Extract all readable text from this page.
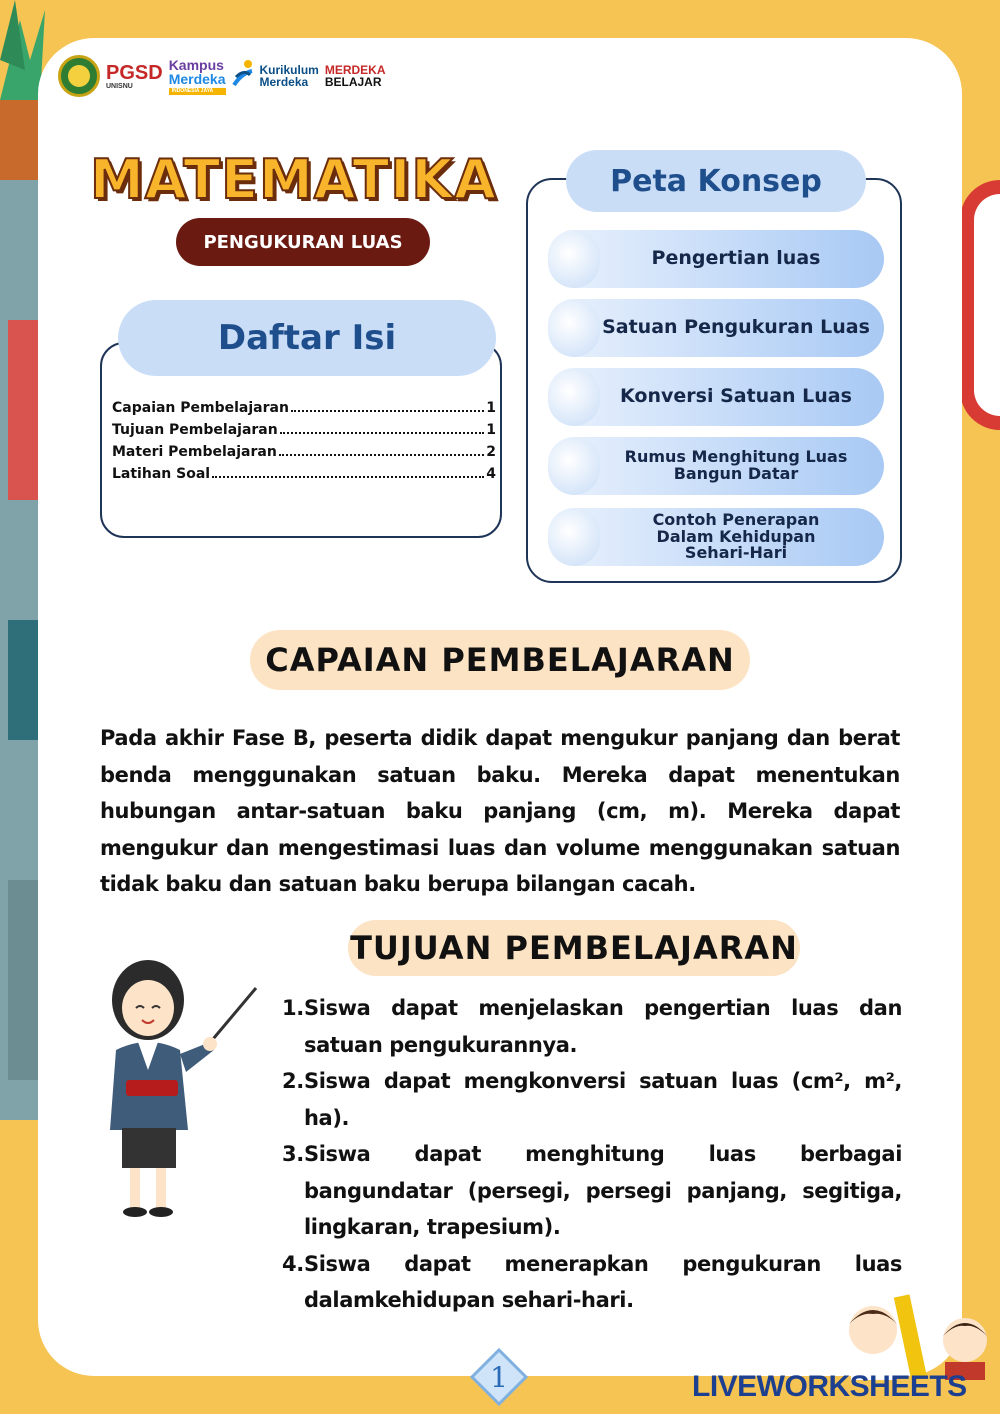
PGSD
UNISNU
Kampus
Merdeka
INDONESIA JAYA
Kurikulum
Merdeka
MERDEKA
BELAJAR
MATEMATIKA
PENGUKURAN LUAS
Daftar Isi
Capaian Pembelajaran	1
Tujuan Pembelajaran	1
Materi Pembelajaran	2
Latihan Soal	4
Peta Konsep
Pengertian luas
Satuan Pengukuran Luas
Konversi Satuan Luas
Rumus Menghitung Luas Bangun Datar
Contoh Penerapan Dalam Kehidupan Sehari-Hari
CAPAIAN PEMBELAJARAN

Pada akhir Fase B, peserta didik dapat mengukur panjang dan berat benda menggunakan satuan baku. Mereka dapat menentukan hubungan antar-satuan baku panjang (cm, m). Mereka dapat mengukur dan mengestimasi luas dan volume menggunakan satuan tidak baku dan satuan baku berupa bilangan cacah.

TUJUAN PEMBELAJARAN
1. Siswa dapat menjelaskan pengertian luas dan satuan pengukurannya.
2. Siswa dapat mengkonversi satuan luas (cm², m², ha).
3. Siswa dapat menghitung luas berbagai bangundatar (persegi, persegi panjang, segitiga, lingkaran, trapesium).
4. Siswa dapat menerapkan pengukuran luas dalamkehidupan sehari-hari.
1	LIVEWORKSHEETS
